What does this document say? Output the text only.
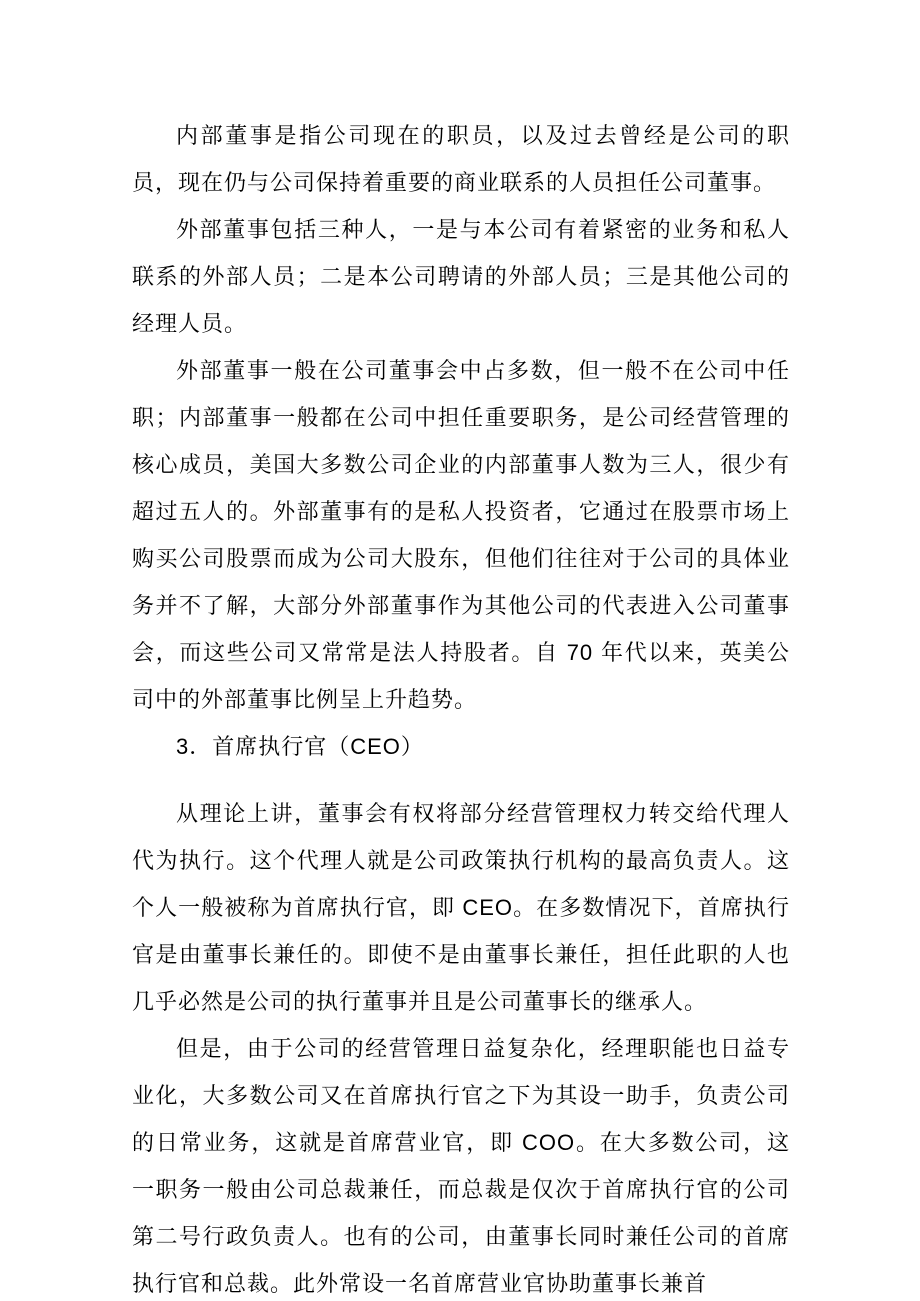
内部董事是指公司现在的职员，以及过去曾经是公司的职员，现在仍与公司保持着重要的商业联系的人员担任公司董事。

外部董事包括三种人，一是与本公司有着紧密的业务和私人联系的外部人员；二是本公司聘请的外部人员；三是其他公司的经理人员。

外部董事一般在公司董事会中占多数，但一般不在公司中任职；内部董事一般都在公司中担任重要职务，是公司经营管理的核心成员，美国大多数公司企业的内部董事人数为三人，很少有超过五人的。外部董事有的是私人投资者，它通过在股票市场上购买公司股票而成为公司大股东，但他们往往对于公司的具体业务并不了解，大部分外部董事作为其他公司的代表进入公司董事会，而这些公司又常常是法人持股者。自 70 年代以来，英美公司中的外部董事比例呈上升趋势。

3．首席执行官（CEO）

从理论上讲，董事会有权将部分经营管理权力转交给代理人代为执行。这个代理人就是公司政策执行机构的最高负责人。这个人一般被称为首席执行官，即 CEO。在多数情况下，首席执行官是由董事长兼任的。即使不是由董事长兼任，担任此职的人也几乎必然是公司的执行董事并且是公司董事长的继承人。

但是，由于公司的经营管理日益复杂化，经理职能也日益专业化，大多数公司又在首席执行官之下为其设一助手，负责公司的日常业务，这就是首席营业官，即 COO。在大多数公司，这一职务一般由公司总裁兼任，而总裁是仅次于首席执行官的公司第二号行政负责人。也有的公司，由董事长同时兼任公司的首席执行官和总裁。此外常设一名首席营业官协助董事长兼首
